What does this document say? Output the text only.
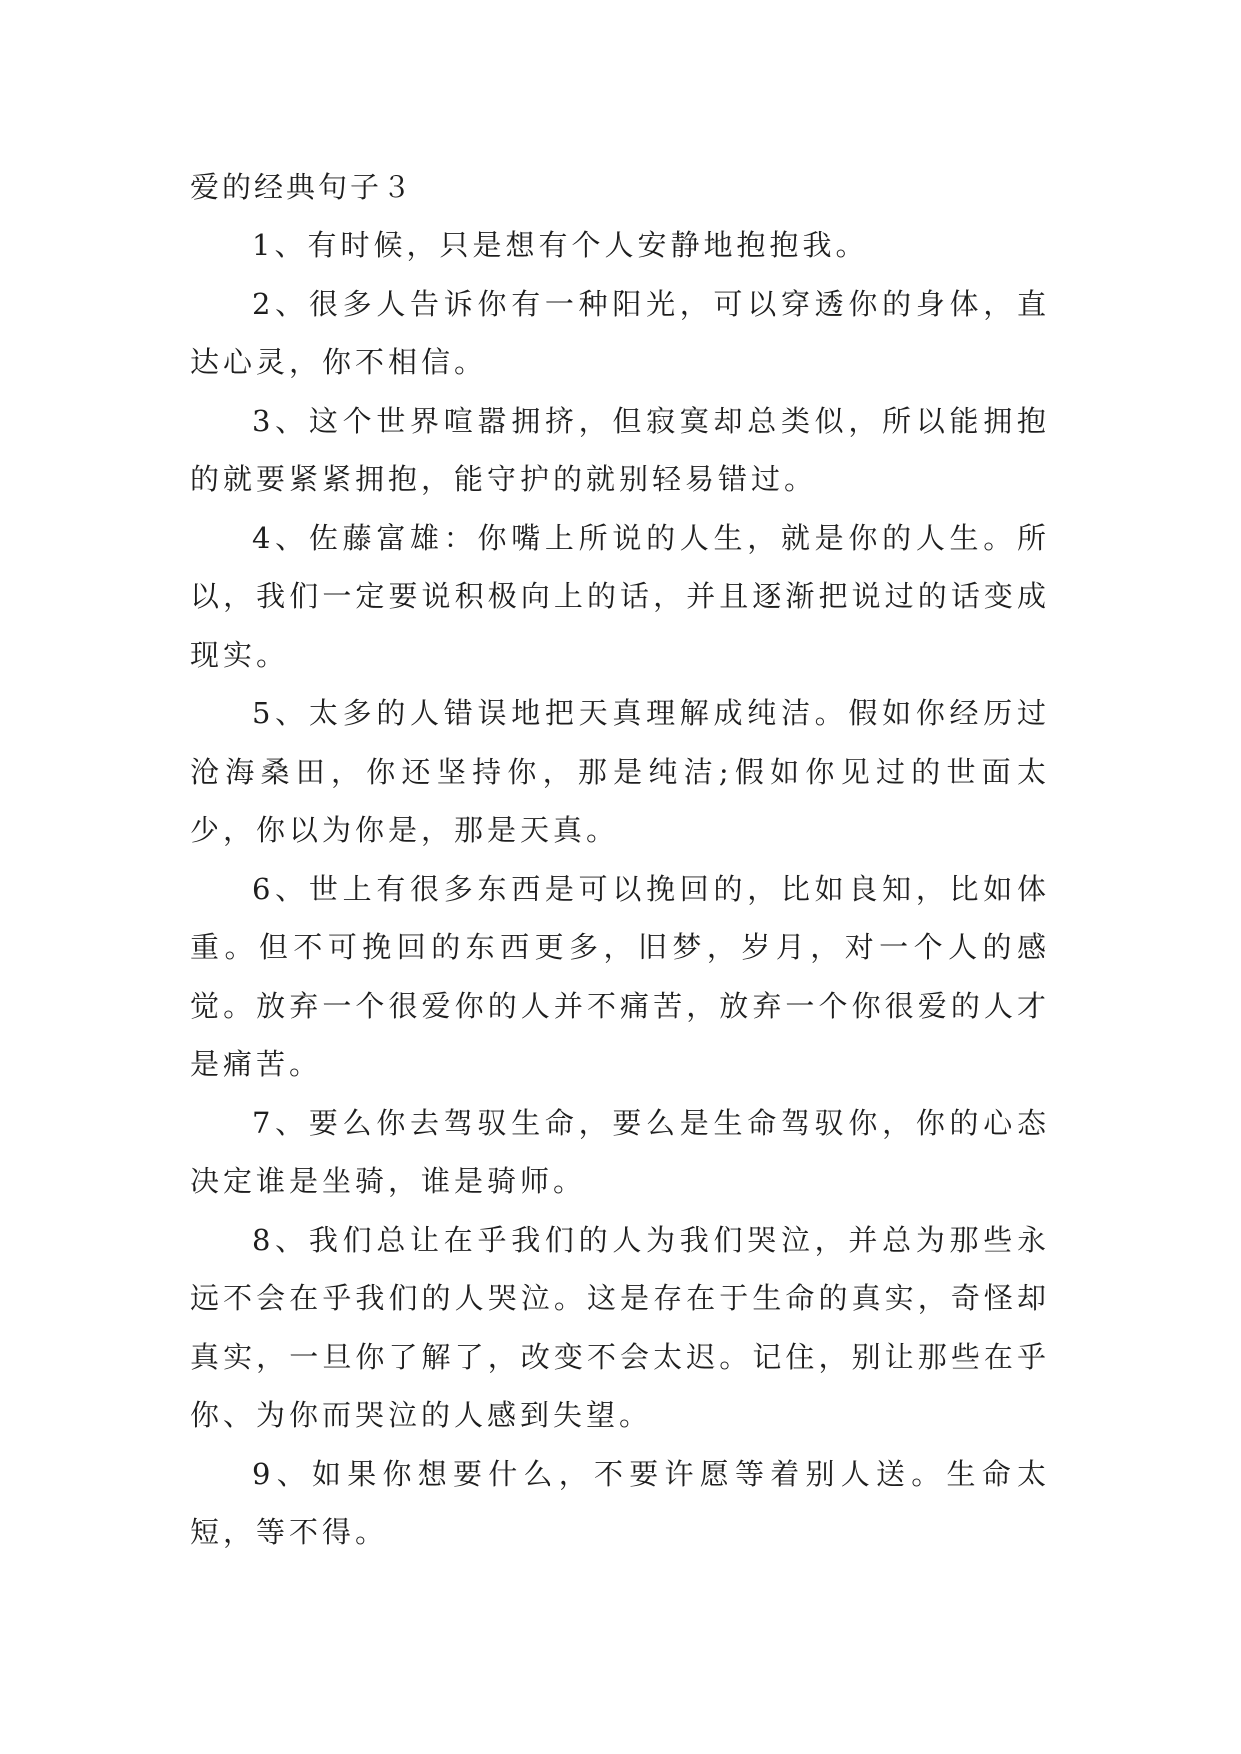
爱的经典句子３

1、有时候，只是想有个人安静地抱抱我。

2、很多人告诉你有一种阳光，可以穿透你的身体，直达心灵，你不相信。

3、这个世界喧嚣拥挤，但寂寞却总类似，所以能拥抱的就要紧紧拥抱，能守护的就别轻易错过。

4、佐藤富雄：你嘴上所说的人生，就是你的人生。所以，我们一定要说积极向上的话，并且逐渐把说过的话变成现实。

5、太多的人错误地把天真理解成纯洁。假如你经历过沧海桑田，你还坚持你，那是纯洁;假如你见过的世面太少，你以为你是，那是天真。

6、世上有很多东西是可以挽回的，比如良知，比如体重。但不可挽回的东西更多，旧梦，岁月，对一个人的感觉。放弃一个很爱你的人并不痛苦，放弃一个你很爱的人才是痛苦。

7、要么你去驾驭生命，要么是生命驾驭你，你的心态决定谁是坐骑，谁是骑师。

8、我们总让在乎我们的人为我们哭泣，并总为那些永远不会在乎我们的人哭泣。这是存在于生命的真实，奇怪却真实，一旦你了解了，改变不会太迟。记住，别让那些在乎你、为你而哭泣的人感到失望。

9、如果你想要什么，不要许愿等着别人送。生命太短，等不得。
